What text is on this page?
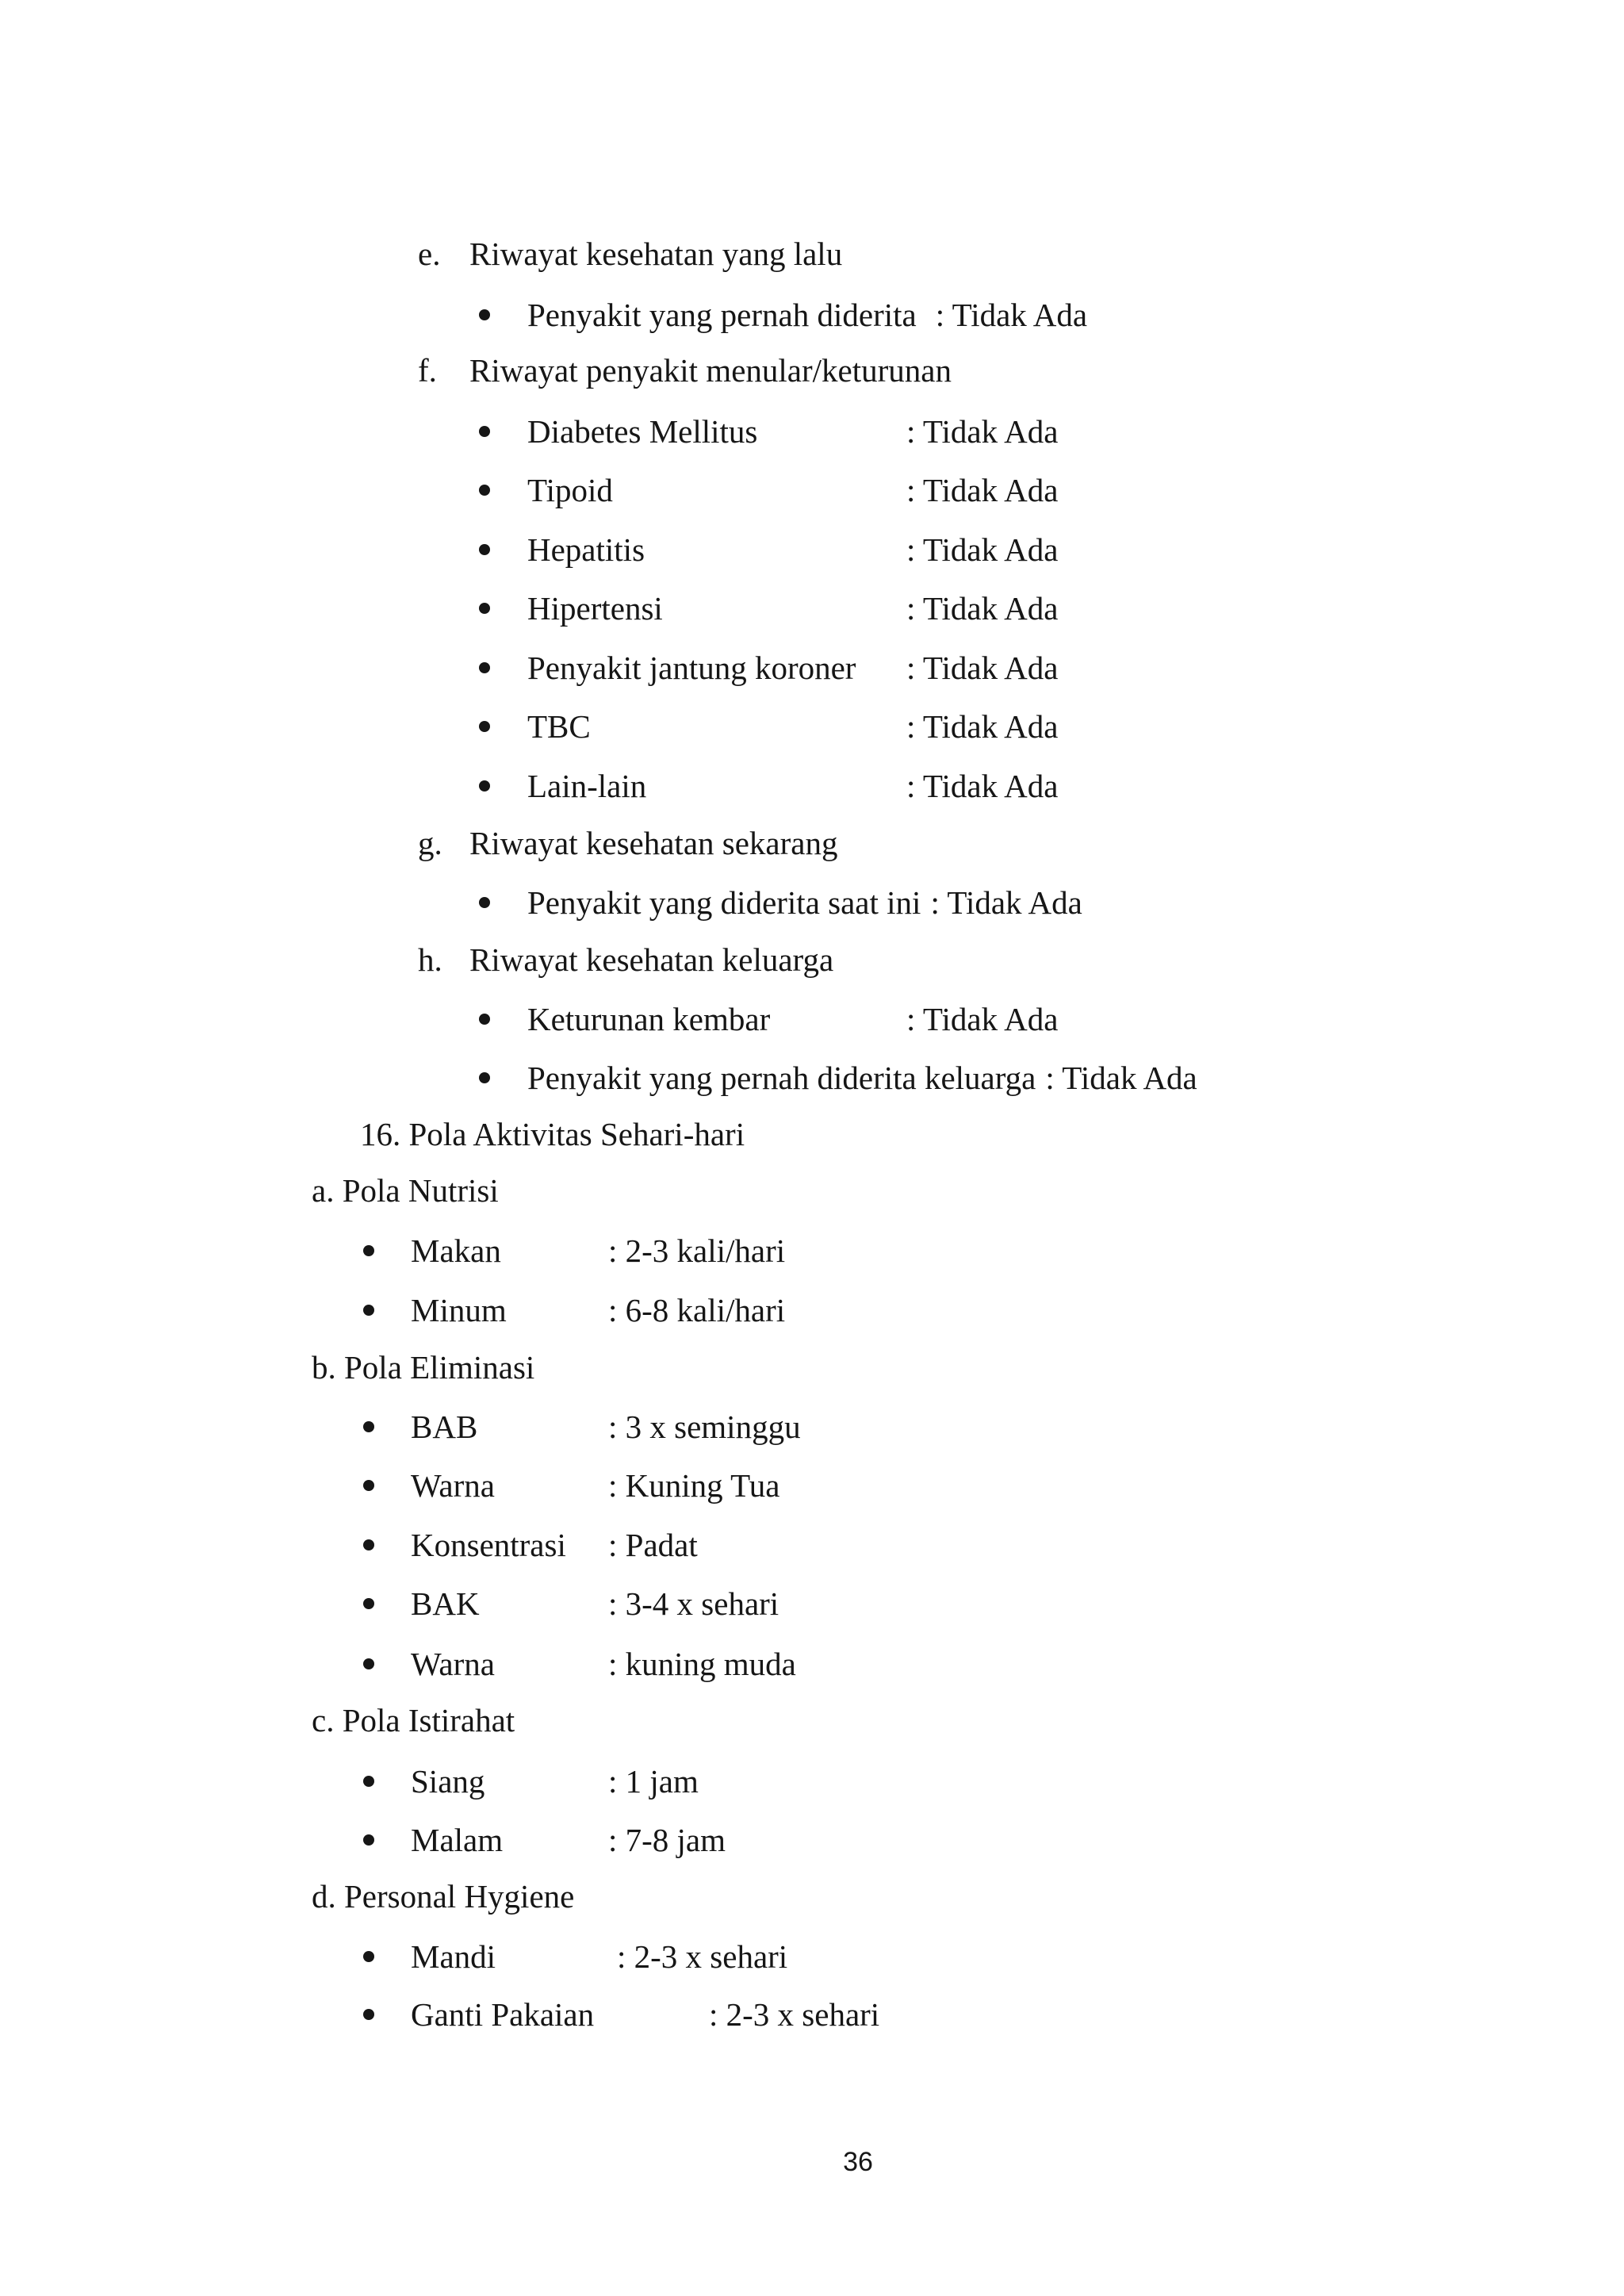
e. Riwayat kesehatan yang lalu
Penyakit yang pernah diderita : Tidak Ada
f. Riwayat penyakit menular/keturunan
Diabetes Mellitus	: Tidak Ada
Tipoid	: Tidak Ada
Hepatitis	: Tidak Ada
Hipertensi	: Tidak Ada
Penyakit jantung koroner : Tidak Ada
TBC	: Tidak Ada
Lain-lain	: Tidak Ada
g. Riwayat kesehatan sekarang
Penyakit yang diderita saat ini : Tidak Ada
h. Riwayat kesehatan keluarga
Keturunan kembar	: Tidak Ada
Penyakit yang pernah diderita keluarga : Tidak Ada
16. Pola Aktivitas Sehari-hari
a. Pola Nutrisi
Makan	: 2-3 kali/hari
Minum	: 6-8 kali/hari
b. Pola Eliminasi
BAB	: 3 x seminggu
Warna	: Kuning Tua
Konsentrasi : Padat
BAK	: 3-4 x sehari
Warna	: kuning muda
c. Pola Istirahat
Siang	: 1 jam
Malam	: 7-8 jam
d. Personal Hygiene
Mandi	: 2-3 x sehari
Ganti Pakaian	: 2-3 x sehari
36
